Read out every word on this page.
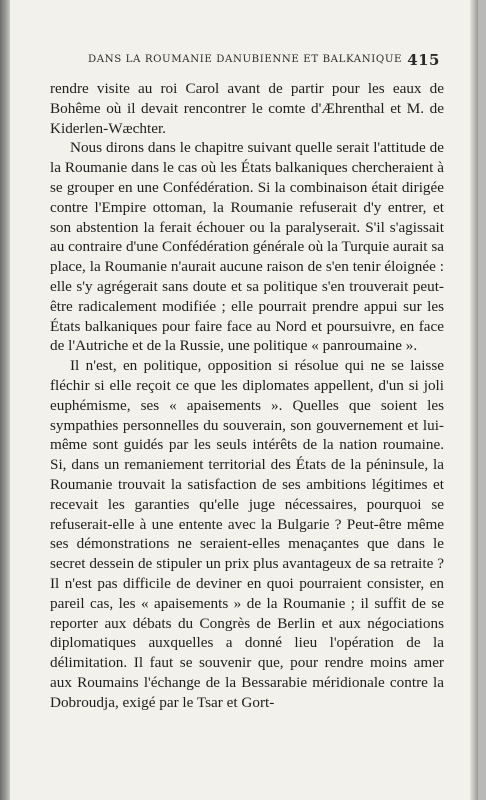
DANS LA ROUMANIE DANUBIENNE ET BALKANIQUE 415

rendre visite au roi Carol avant de partir pour les eaux de Bohême où il devait rencontrer le comte d'Æhrenthal et M. de Kiderlen-Wæchter.

Nous dirons dans le chapitre suivant quelle serait l'attitude de la Roumanie dans le cas où les États balkaniques chercheraient à se grouper en une Confédération. Si la combinaison était dirigée contre l'Empire ottoman, la Roumanie refuserait d'y entrer, et son abstention la ferait échouer ou la paralyserait. S'il s'agissait au contraire d'une Confédération générale où la Turquie aurait sa place, la Roumanie n'aurait aucune raison de s'en tenir éloignée : elle s'y agrégerait sans doute et sa politique s'en trouverait peut-être radicalement modifiée ; elle pourrait prendre appui sur les États balkaniques pour faire face au Nord et poursuivre, en face de l'Autriche et de la Russie, une politique « panroumaine ».

Il n'est, en politique, opposition si résolue qui ne se laisse fléchir si elle reçoit ce que les diplomates appellent, d'un si joli euphémisme, ses « apaisements ». Quelles que soient les sympathies personnelles du souverain, son gouvernement et lui-même sont guidés par les seuls intérêts de la nation roumaine. Si, dans un remaniement territorial des États de la péninsule, la Roumanie trouvait la satisfaction de ses ambitions légitimes et recevait les garanties qu'elle juge nécessaires, pourquoi se refuserait-elle à une entente avec la Bulgarie ? Peut-être même ses démonstrations ne seraient-elles menaçantes que dans le secret dessein de stipuler un prix plus avantageux de sa retraite ? Il n'est pas difficile de deviner en quoi pourraient consister, en pareil cas, les « apaisements » de la Roumanie ; il suffit de se reporter aux débats du Congrès de Berlin et aux négociations diplomatiques auxquelles a donné lieu l'opération de la délimitation. Il faut se souvenir que, pour rendre moins amer aux Roumains l'échange de la Bessarabie méridionale contre la Dobroudja, exigé par le Tsar et Gort-
